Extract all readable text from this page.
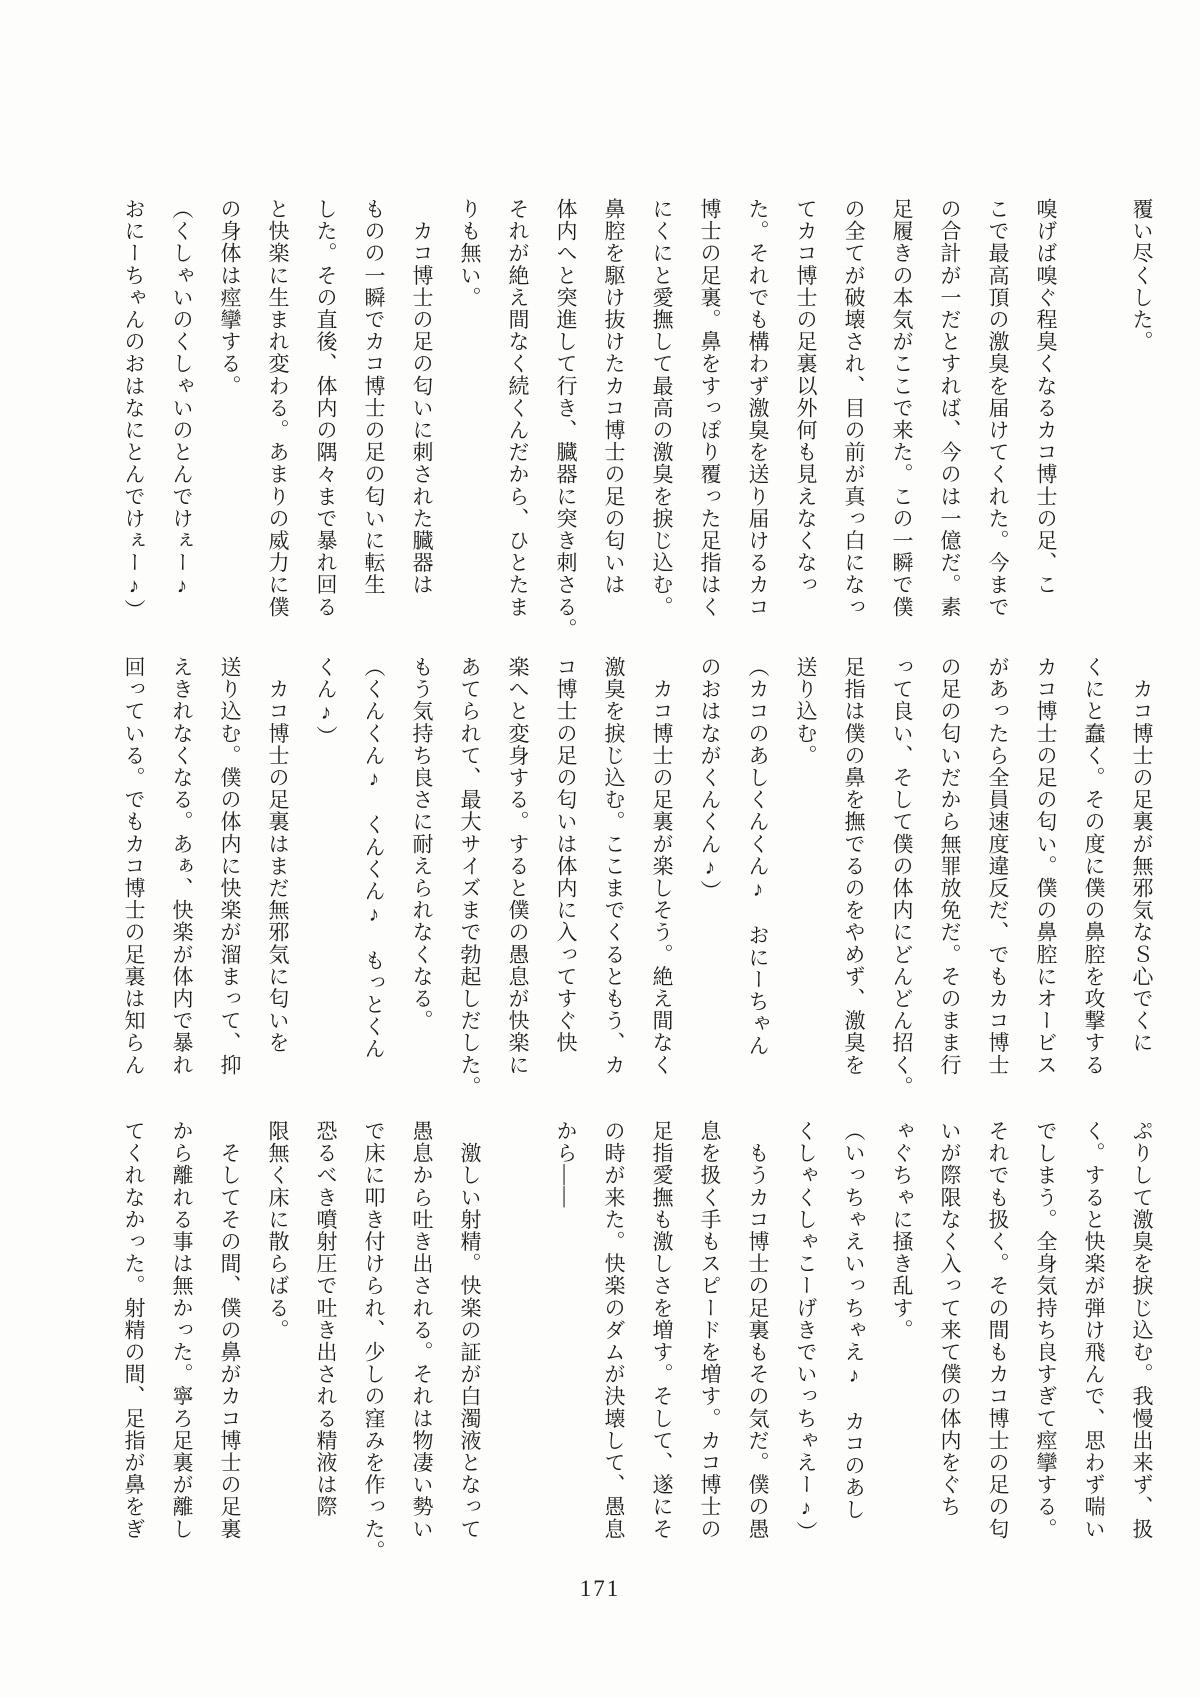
覆い尽くした。

嗅げば嗅ぐ程臭くなるカコ博士の足、こ
こで最高頂の激臭を届けてくれた。今まで
の合計が一だとすれば、今のは一億だ。素
足履きの本気がここで来た。この一瞬で僕
の全てが破壊され、目の前が真っ白になっ
てカコ博士の足裏以外何も見えなくなっ
た。それでも構わず激臭を送り届けるカコ
博士の足裏。鼻をすっぽり覆った足指はく
にくにと愛撫して最高の激臭を捩じ込む。
鼻腔を駆け抜けたカコ博士の足の匂いは
体内へと突進して行き、臓器に突き刺さる。
それが絶え間なく続くんだから、ひとたま
りも無い。
　カコ博士の足の匂いに刺された臓器は
ものの一瞬でカコ博士の足の匂いに転生
した。その直後、体内の隅々まで暴れ回る
と快楽に生まれ変わる。あまりの威力に僕
の身体は痙攣する。
（くしゃいのくしゃいのとんでけぇー♪
おにーちゃんのおはなにとんでけぇー♪）
　カコ博士の足裏が無邪気なＳ心でくに
くにと蠢く。その度に僕の鼻腔を攻撃する
カコ博士の足の匂い。僕の鼻腔にオービス
があったら全員速度違反だ、でもカコ博士
の足の匂いだから無罪放免だ。そのまま行
って良い、そして僕の体内にどんどん招く。
足指は僕の鼻を撫でるのをやめず、激臭を
送り込む。
（カコのあしくんくん♪　おにーちゃん
のおはながくんくん♪）
　カコ博士の足裏が楽しそう。絶え間なく
激臭を捩じ込む。ここまでくるともう、カ
コ博士の足の匂いは体内に入ってすぐ快
楽へと変身する。すると僕の愚息が快楽に
あてられて、最大サイズまで勃起しだした。
もう気持ち良さに耐えられなくなる。
（くんくん♪　くんくん♪　もっとくん
くん♪）
　カコ博士の足裏はまだ無邪気に匂いを
送り込む。僕の体内に快楽が溜まって、抑
えきれなくなる。あぁ、快楽が体内で暴れ
回っている。でもカコ博士の足裏は知らん
ぷりして激臭を捩じ込む。我慢出来ず、扱
く。すると快楽が弾け飛んで、思わず喘い
でしまう。全身気持ち良すぎて痙攣する。
それでも扱く。その間もカコ博士の足の匂
いが際限なく入って来て僕の体内をぐち
ゃぐちゃに掻き乱す。
（いっちゃえいっちゃえ♪　カコのあし
くしゃくしゃこーげきでいっちゃえー♪）
　もうカコ博士の足裏もその気だ。僕の愚
息を扱く手もスピードを増す。カコ博士の
足指愛撫も激しさを増す。そして、遂にそ
の時が来た。快楽のダムが決壊して、愚息
から――

　激しい射精。快楽の証が白濁液となって
愚息から吐き出される。それは物凄い勢い
で床に叩き付けられ、少しの窪みを作った。
恐るべき噴射圧で吐き出される精液は際
限無く床に散らばる。
　そしてその間、僕の鼻がカコ博士の足裏
から離れる事は無かった。寧ろ足裏が離し
てくれなかった。射精の間、足指が鼻をぎ
171
